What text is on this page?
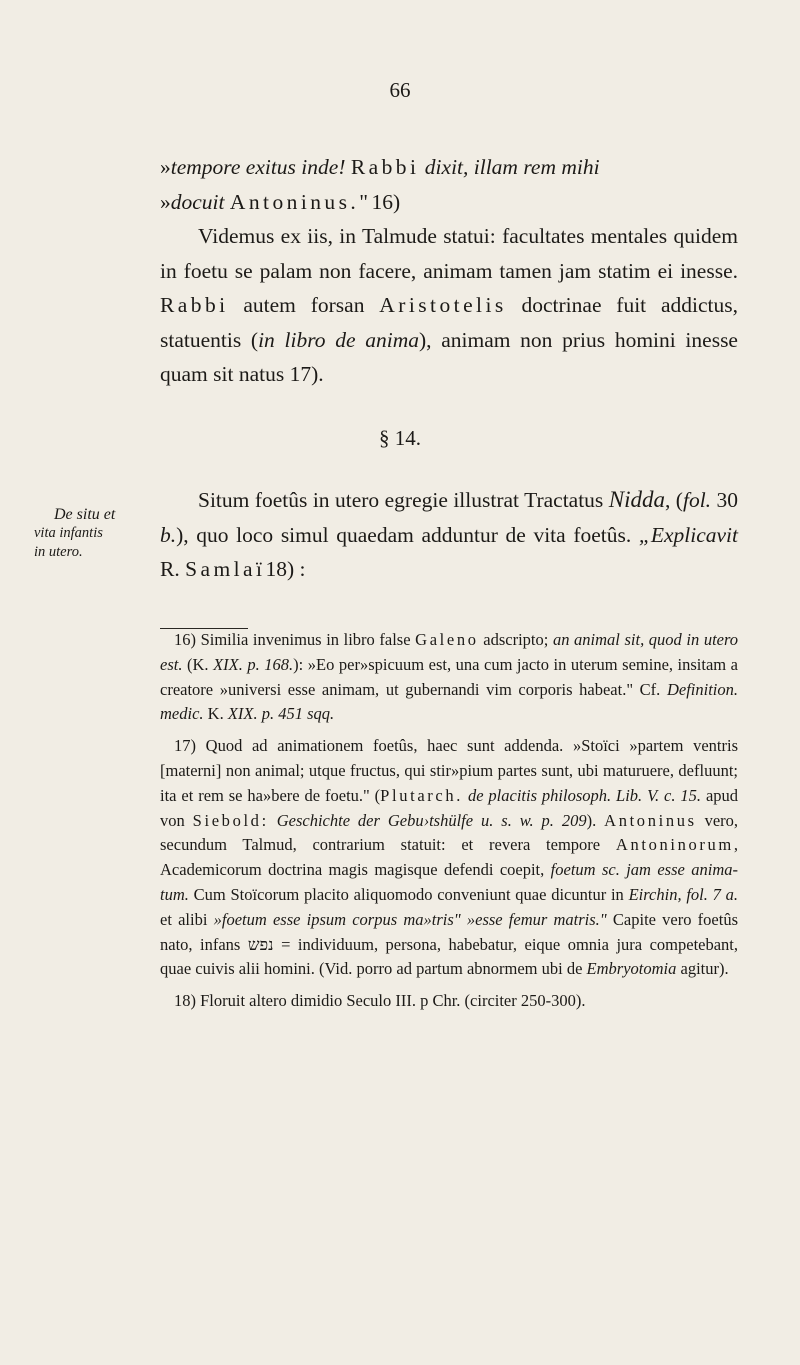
66

»tempore exitus inde! Rabbi dixit, illam rem mihi
»docuit Antoninus."16)

Videmus ex iis, in Talmude statui: facultates mentales quidem in foetu se palam non facere, animam tamen jam statim ei inesse. Rabbi autem forsan Aristotelis doctrinae fuit addictus, statuentis (in libro de anima), animam non prius homini inesse quam sit natus 17).

§ 14.
De situ et
vita infantis
in utero.

Situm foetûs in utero egregie illustrat Tractatus Nidda, (fol. 30 b.), quo loco simul quaedam adduntur de vita foetûs. „Explicavit R. Samlaï18) :

16) Similia invenimus in libro false Galeno adscripto; an animal sit, quod in utero est. (K. XIX. p. 168.): »Eo per»spicuum est, una cum jacto in uterum semine, insitam a creatore »universi esse animam, ut gubernandi vim corporis habeat." Cf. Definition. medic. K. XIX. p. 451 sqq.

17) Quod ad animationem foetûs, haec sunt addenda. »Stoïci »partem ventris [materni] non animal; utque fructus, qui stir»pium partes sunt, ubi maturuere, defluunt; ita et rem se ha»bere de foetu." (Plutarch. de placitis philosoph. Lib. V. c. 15. apud von Siebold: Geschichte der Gebu›tshülfe u. s. w. p. 209). Antoninus vero, secundum Talmud, contrarium statuit: et revera tempore Antoninorum, Academicorum doctrina magis magisque defendi coepit, foetum sc. jam esse animatum. Cum Stoïcorum placito aliquomodo conveniunt quae dicuntur in Eirchin, fol. 7 a. et alibi »foetum esse ipsum corpus ma»tris" »esse femur matris." Capite vero foetûs nato, infans נפש = individuum, persona, habebatur, eique omnia jura competebant, quae cuivis alii homini. (Vid. porro ad partum abnormem ubi de Embryotomia agitur).

18) Floruit altero dimidio Seculo III. p Chr. (circiter 250-300).
